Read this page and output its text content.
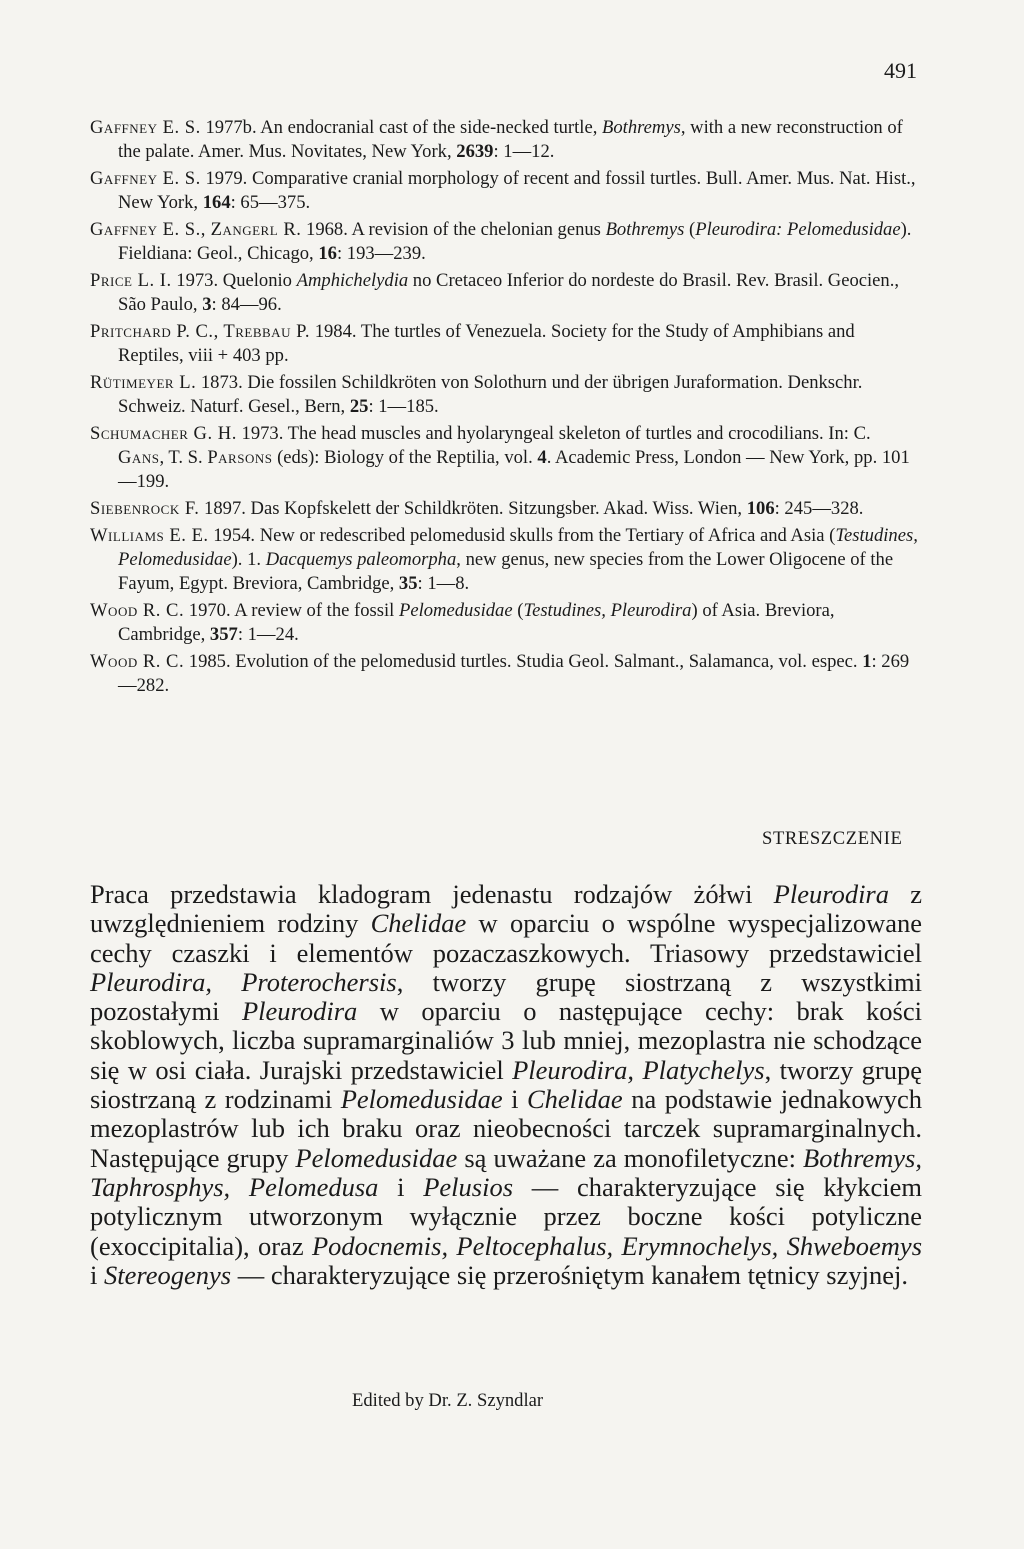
491

Gaffney E. S. 1977b. An endocranial cast of the side-necked turtle, Bothremys, with a new reconstruction of the palate. Amer. Mus. Novitates, New York, 2639: 1—12.

Gaffney E. S. 1979. Comparative cranial morphology of recent and fossil turtles. Bull. Amer. Mus. Nat. Hist., New York, 164: 65—375.

Gaffney E. S., Zangerl R. 1968. A revision of the chelonian genus Bothremys (Pleurodira: Pelomedusidae). Fieldiana: Geol., Chicago, 16: 193—239.

Price L. I. 1973. Quelonio Amphichelydia no Cretaceo Inferior do nordeste do Brasil. Rev. Brasil. Geocien., São Paulo, 3: 84—96.

Pritchard P. C., Trebbau P. 1984. The turtles of Venezuela. Society for the Study of Amphibians and Reptiles, viii + 403 pp.

Rütimeyer L. 1873. Die fossilen Schildkröten von Solothurn und der übrigen Juraformation. Denkschr. Schweiz. Naturf. Gesel., Bern, 25: 1—185.

Schumacher G. H. 1973. The head muscles and hyolaryngeal skeleton of turtles and crocodilians. In: C. Gans, T. S. Parsons (eds): Biology of the Reptilia, vol. 4. Academic Press, London — New York, pp. 101—199.

Siebenrock F. 1897. Das Kopfskelett der Schildkröten. Sitzungsber. Akad. Wiss. Wien, 106: 245—328.

Williams E. E. 1954. New or redescribed pelomedusid skulls from the Tertiary of Africa and Asia (Testudines, Pelomedusidae). 1. Dacquemys paleomorpha, new genus, new species from the Lower Oligocene of the Fayum, Egypt. Breviora, Cambridge, 35: 1—8.

Wood R. C. 1970. A review of the fossil Pelomedusidae (Testudines, Pleurodira) of Asia. Breviora, Cambridge, 357: 1—24.

Wood R. C. 1985. Evolution of the pelomedusid turtles. Studia Geol. Salmant., Salamanca, vol. espec. 1: 269—282.

STRESZCZENIE

Praca przedstawia kladogram jedenastu rodzajów żółwi Pleurodira z uwzględnieniem rodziny Chelidae w oparciu o wspólne wyspecjalizowane cechy czaszki i elementów pozaczaszkowych. Triasowy przedstawiciel Pleurodira, Proterochersis, tworzy grupę siostrzaną z wszystkimi pozostałymi Pleurodira w oparciu o następujące cechy: brak kości skoblowych, liczba supramarginaliów 3 lub mniej, mezoplastra nie schodzące się w osi ciała. Jurajski przedstawiciel Pleurodira, Platychelys, tworzy grupę siostrzaną z rodzinami Pelomedusidae i Chelidae na podstawie jednakowych mezoplastrów lub ich braku oraz nieobecności tarczek supramarginalnych. Następujące grupy Pelomedusidae są uważane za monofiletyczne: Bothremys, Taphrosphys, Pelomedusa i Pelusios — charakteryzujące się kłykciem potylicznym utworzonym wyłącznie przez boczne kości potyliczne (exoccipitalia), oraz Podocnemis, Peltocephalus, Erymnochelys, Shweboemys i Stereogenys — charakteryzujące się przerośniętym kanałem tętnicy szyjnej.

Edited by Dr. Z. Szyndlar
